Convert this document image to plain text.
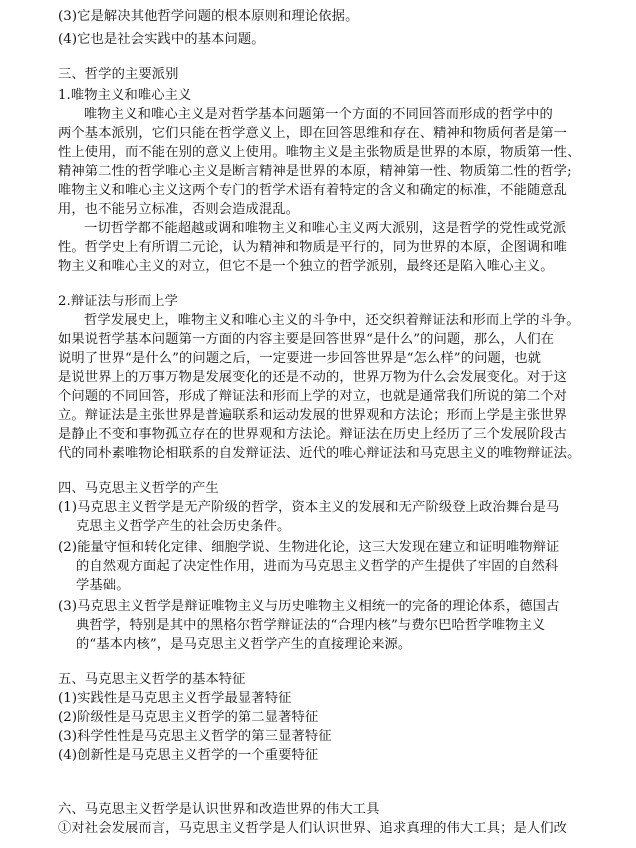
(3)它是解决其他哲学问题的根本原则和理论依据。
(4)它也是社会实践中的基本问题。
三、哲学的主要派别
1.唯物主义和唯心主义
唯物主义和唯心主义是对哲学基本问题第一个方面的不同回答而形成的哲学中的
两个基本派别，它们只能在哲学意义上，即在回答思维和存在、精神和物质何者是第一
性上使用，而不能在别的意义上使用。唯物主义是主张物质是世界的本原，物质第一性、
精神第二性的哲学唯心主义是断言精神是世界的本原，精神第一性、物质第二性的哲学;
唯物主义和唯心主义这两个专门的哲学术语有着特定的含义和确定的标准，不能随意乱
用，也不能另立标准，否则会造成混乱。
一切哲学都不能超越或调和唯物主义和唯心主义两大派别，这是哲学的党性或党派
性。哲学史上有所谓二元论，认为精神和物质是平行的，同为世界的本原，企图调和唯
物主义和唯心主义的对立，但它不是一个独立的哲学派别，最终还是陷入唯心主义。
2.辩证法与形而上学
哲学发展史上，唯物主义和唯心主义的斗争中，还交织着辩证法和形而上学的斗争。
如果说哲学基本问题第一方面的内容主要是回答世界“是什么”的问题，那么，人们在
说明了世界“是什么”的问题之后，一定要进一步回答世界是“怎么样”的问题，也就
是说世界上的万事万物是发展变化的还是不动的，世界万物为什么会发展变化。对于这
个问题的不同回答，形成了辩证法和形而上学的对立，也就是通常我们所说的第二个对
立。辩证法是主张世界是普遍联系和运动发展的世界观和方法论；形而上学是主张世界
是静止不变和事物孤立存在的世界观和方法论。辩证法在历史上经历了三个发展阶段古
代的同朴素唯物论相联系的自发辩证法、近代的唯心辩证法和马克思主义的唯物辩证法。
四、马克思主义哲学的产生
(1)马克思主义哲学是无产阶级的哲学，资本主义的发展和无产阶级登上政治舞台是马
克思主义哲学产生的社会历史条件。
(2)能量守恒和转化定律、细胞学说、生物进化论，这三大发现在建立和证明唯物辩证
的自然观方面起了决定性作用，进而为马克思主义哲学的产生提供了牢固的自然科
学基础。
(3)马克思主义哲学是辩证唯物主义与历史唯物主义相统一的完备的理论体系，德国古
典哲学，特别是其中的黑格尔哲学辩证法的“合理内核”与费尔巴哈哲学唯物主义
的“基本内核”，是马克思主义哲学产生的直接理论来源。
五、马克思主义哲学的基本特征
(1)实践性是马克思主义哲学最显著特征
(2)阶级性是马克思主义哲学的第二显著特征
(3)科学性性是马克思主义哲学的第三显著特征
(4)创新性是马克思主义哲学的一个重要特征
六、马克思主义哲学是认识世界和改造世界的伟大工具
①对社会发展而言，马克思主义哲学是人们认识世界、追求真理的伟大工具；是人们改
